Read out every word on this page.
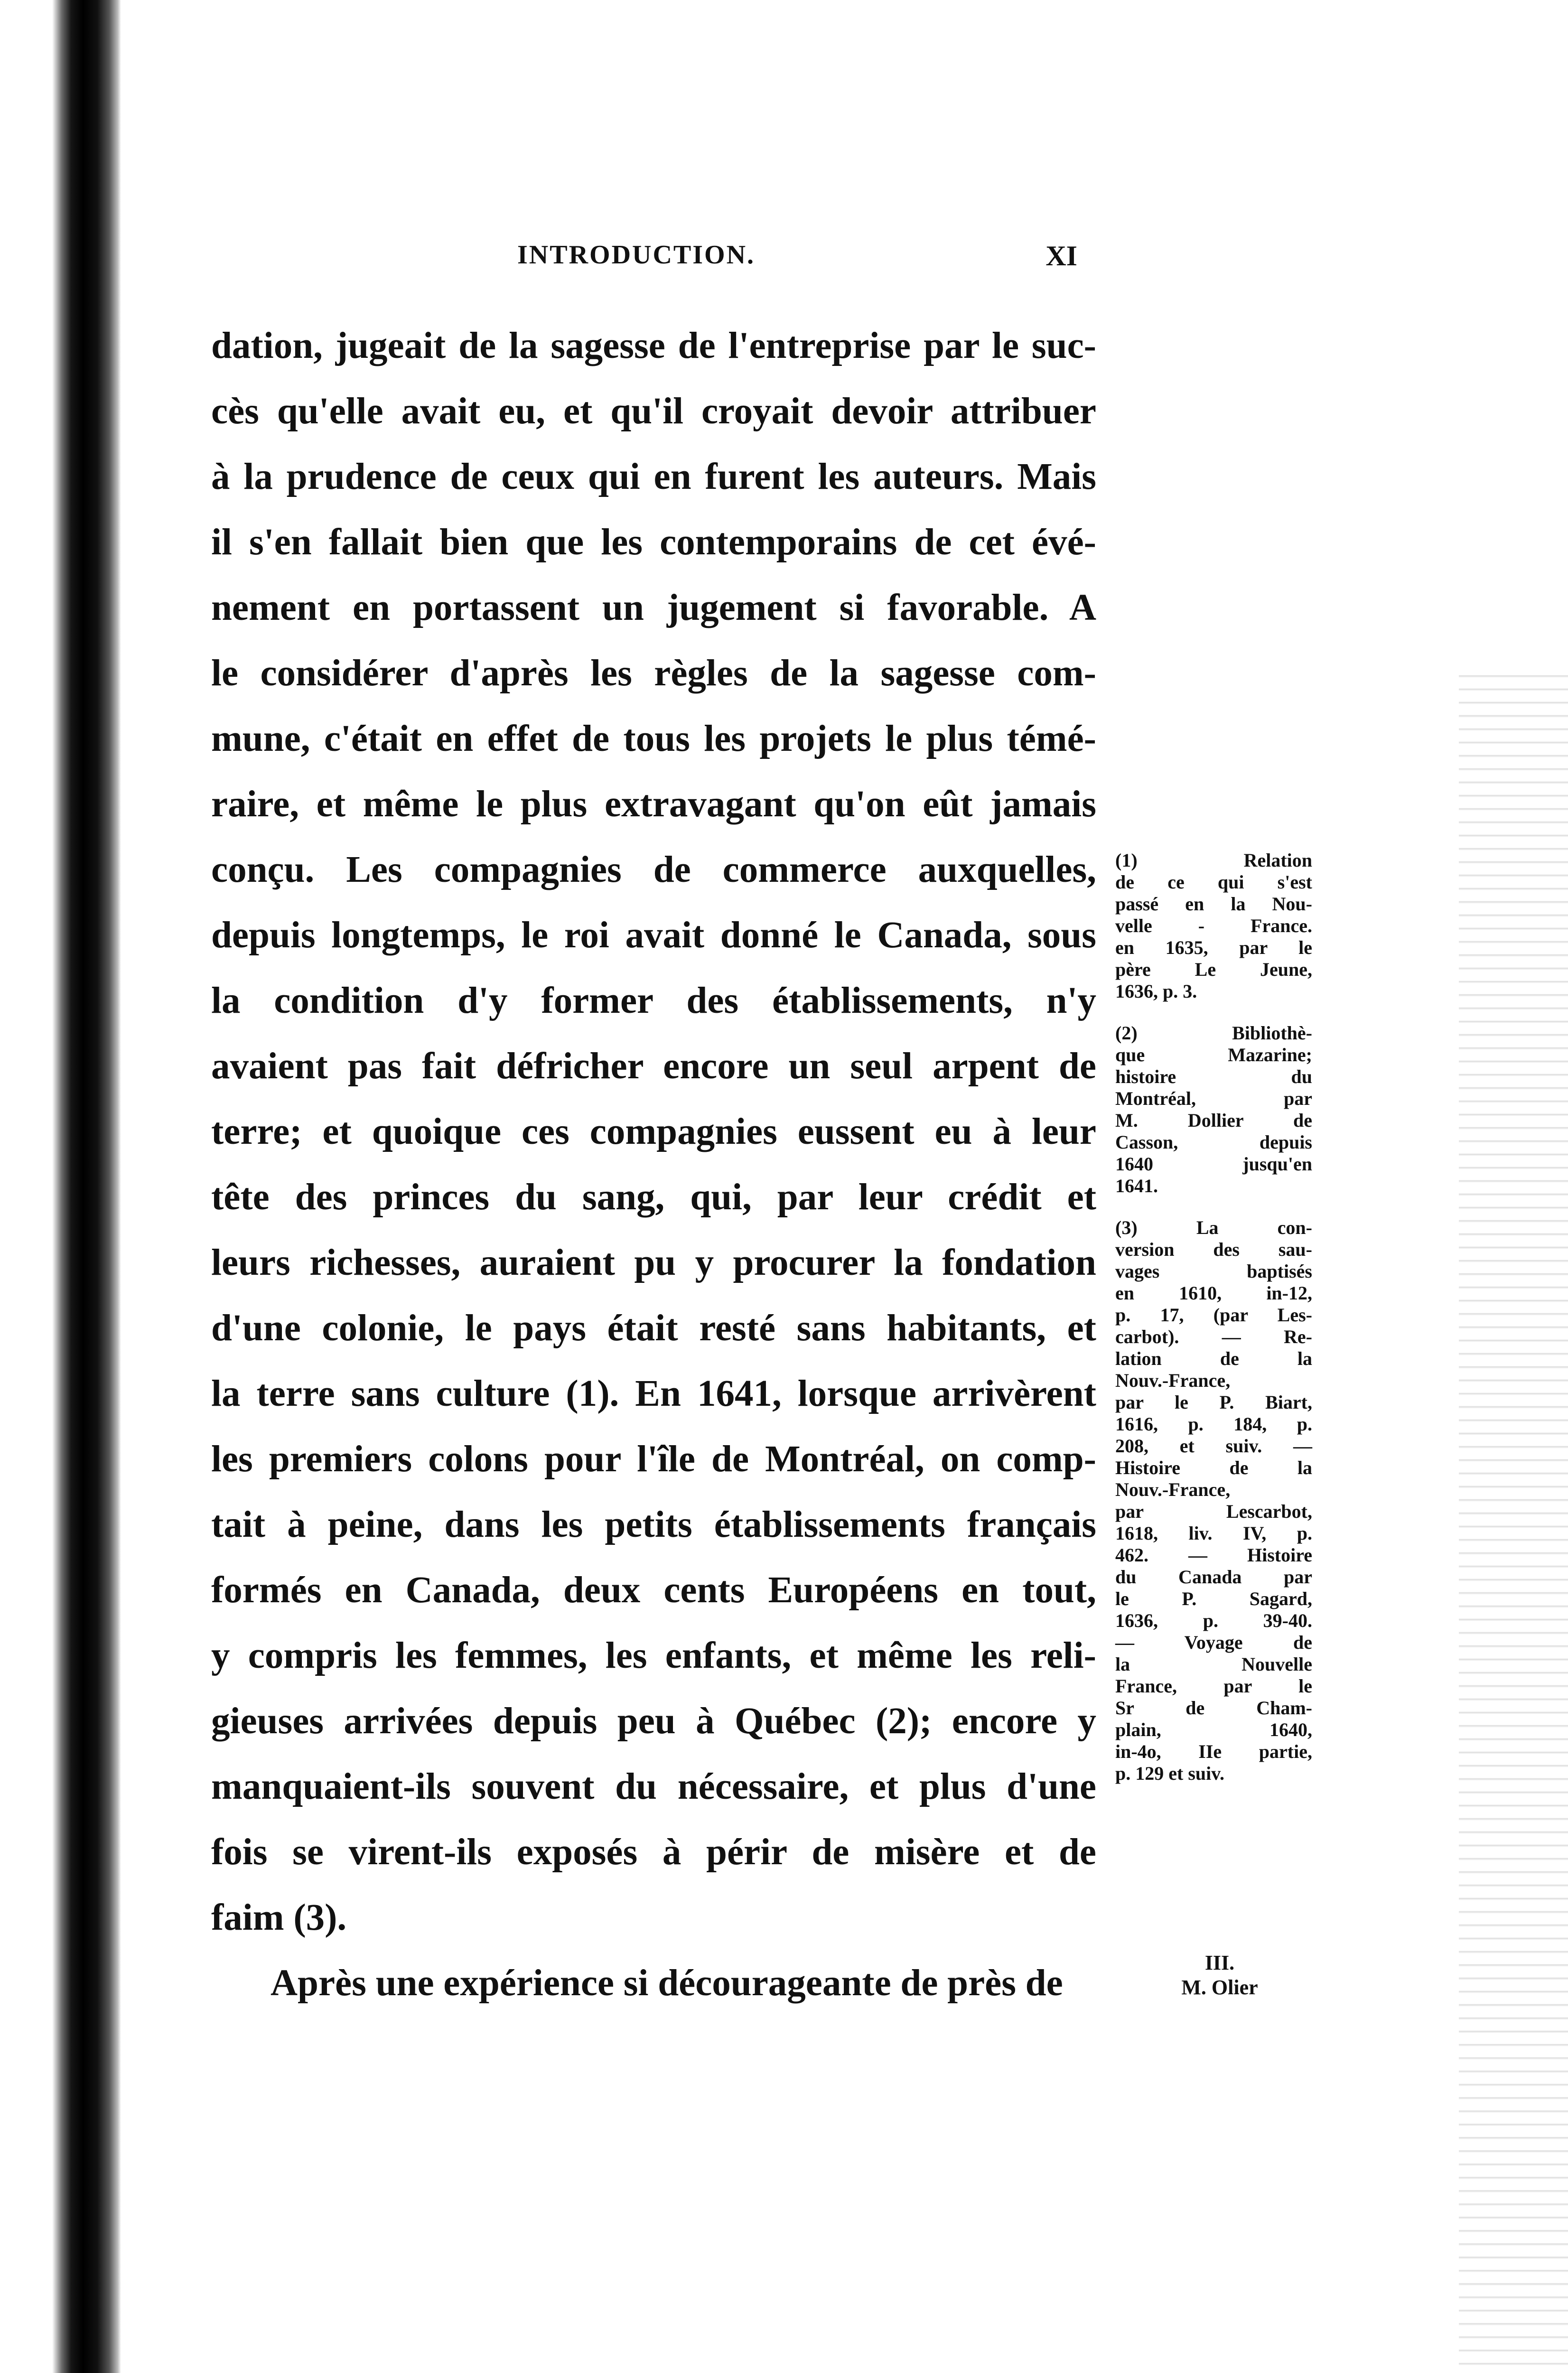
INTRODUCTION.	XI
dation, jugeait de la sagesse de l'entreprise par le suc-
cès qu'elle avait eu, et qu'il croyait devoir attribuer
à la prudence de ceux qui en furent les auteurs. Mais
il s'en fallait bien que les contemporains de cet évé-
nement en portassent un jugement si favorable. A
le considérer d'après les règles de la sagesse com-
mune, c'était en effet de tous les projets le plus témé-
raire, et même le plus extravagant qu'on eût jamais
conçu. Les compagnies de commerce auxquelles,
depuis longtemps, le roi avait donné le Canada, sous
la condition d'y former des établissements, n'y
avaient pas fait défricher encore un seul arpent de
terre; et quoique ces compagnies eussent eu à leur
tête des princes du sang, qui, par leur crédit et
leurs richesses, auraient pu y procurer la fondation
d'une colonie, le pays était resté sans habitants, et
la terre sans culture (1). En 1641, lorsque arrivèrent
les premiers colons pour l'île de Montréal, on comp-
tait à peine, dans les petits établissements français
formés en Canada, deux cents Européens en tout,
y compris les femmes, les enfants, et même les reli-
gieuses arrivées depuis peu à Québec (2); encore y
manquaient-ils souvent du nécessaire, et plus d'une
fois se virent-ils exposés à périr de misère et de
faim (3).
Après une expérience si décourageante de près de
(1) Relation
de ce qui s'est
passé en la Nou-
velle - France.
en 1635, par le
père Le Jeune,
1636, p. 3.
(2) Bibliothè-
que Mazarine;
histoire du
Montréal, par
M. Dollier de
Casson, depuis
1640 jusqu'en
1641.
(3) La con-
version des sau-
vages baptisés
en 1610, in-12,
p. 17, (par Les-
carbot). — Re-
lation de la
Nouv.-France,
par le P. Biart,
1616, p. 184, p.
208, et suiv. —
Histoire de la
Nouv.-France,
par Lescarbot,
1618, liv. IV, p.
462. — Histoire
du Canada par
le P. Sagard,
1636, p. 39-40.
— Voyage de
la Nouvelle
France, par le
Sr de Cham-
plain, 1640,
in-4o, IIe partie,
p. 129 et suiv.
III.
M. Olier
